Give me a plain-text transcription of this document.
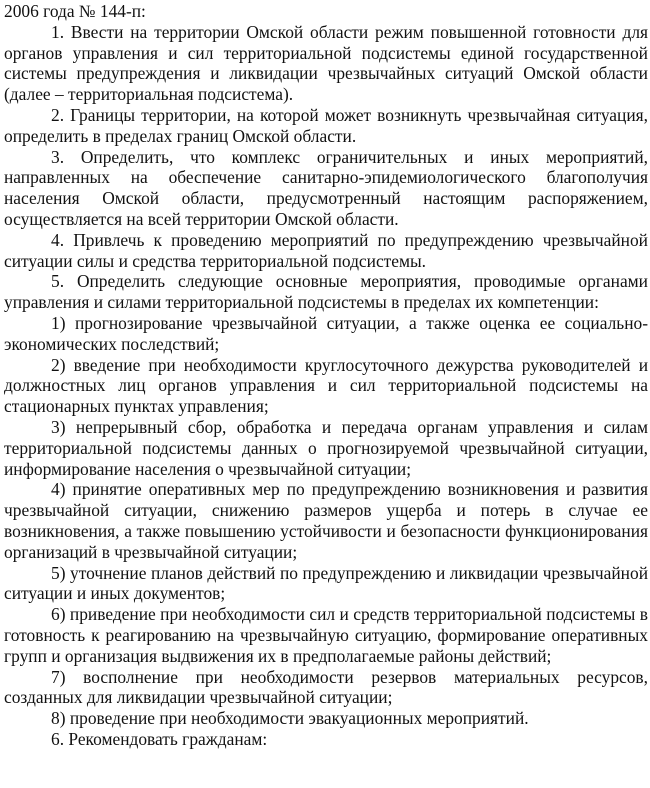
2006 года № 144-п:

1. Ввести на территории Омской области режим повышенной готовности для органов управления и сил территориальной подсистемы единой государственной системы предупреждения и ликвидации чрезвычайных ситуаций Омской области (далее – территориальная подсистема).

2. Границы территории, на которой может возникнуть чрезвычайная ситуация, определить в пределах границ Омской области.

3. Определить, что комплекс ограничительных и иных мероприятий, направленных на обеспечение санитарно-эпидемиологического благополучия населения Омской области, предусмотренный настоящим распоряжением, осуществляется на всей территории Омской области.

4. Привлечь к проведению мероприятий по предупреждению чрезвычайной ситуации силы и средства территориальной подсистемы.

5. Определить следующие основные мероприятия, проводимые органами управления и силами территориальной подсистемы в пределах их компетенции:

1) прогнозирование чрезвычайной ситуации, а также оценка ее социально-экономических последствий;

2) введение при необходимости круглосуточного дежурства руководителей и должностных лиц органов управления и сил территориальной подсистемы на стационарных пунктах управления;

3) непрерывный сбор, обработка и передача органам управления и силам территориальной подсистемы данных о прогнозируемой чрезвычайной ситуации, информирование населения о чрезвычайной ситуации;

4) принятие оперативных мер по предупреждению возникновения и развития чрезвычайной ситуации, снижению размеров ущерба и потерь в случае ее возникновения, а также повышению устойчивости и безопасности функционирования организаций в чрезвычайной ситуации;

5) уточнение планов действий по предупреждению и ликвидации чрезвычайной ситуации и иных документов;

6) приведение при необходимости сил и средств территориальной подсистемы в готовность к реагированию на чрезвычайную ситуацию, формирование оперативных групп и организация выдвижения их в предполагаемые районы действий;

7) восполнение при необходимости резервов материальных ресурсов, созданных для ликвидации чрезвычайной ситуации;

8) проведение при необходимости эвакуационных мероприятий.

6. Рекомендовать гражданам:
